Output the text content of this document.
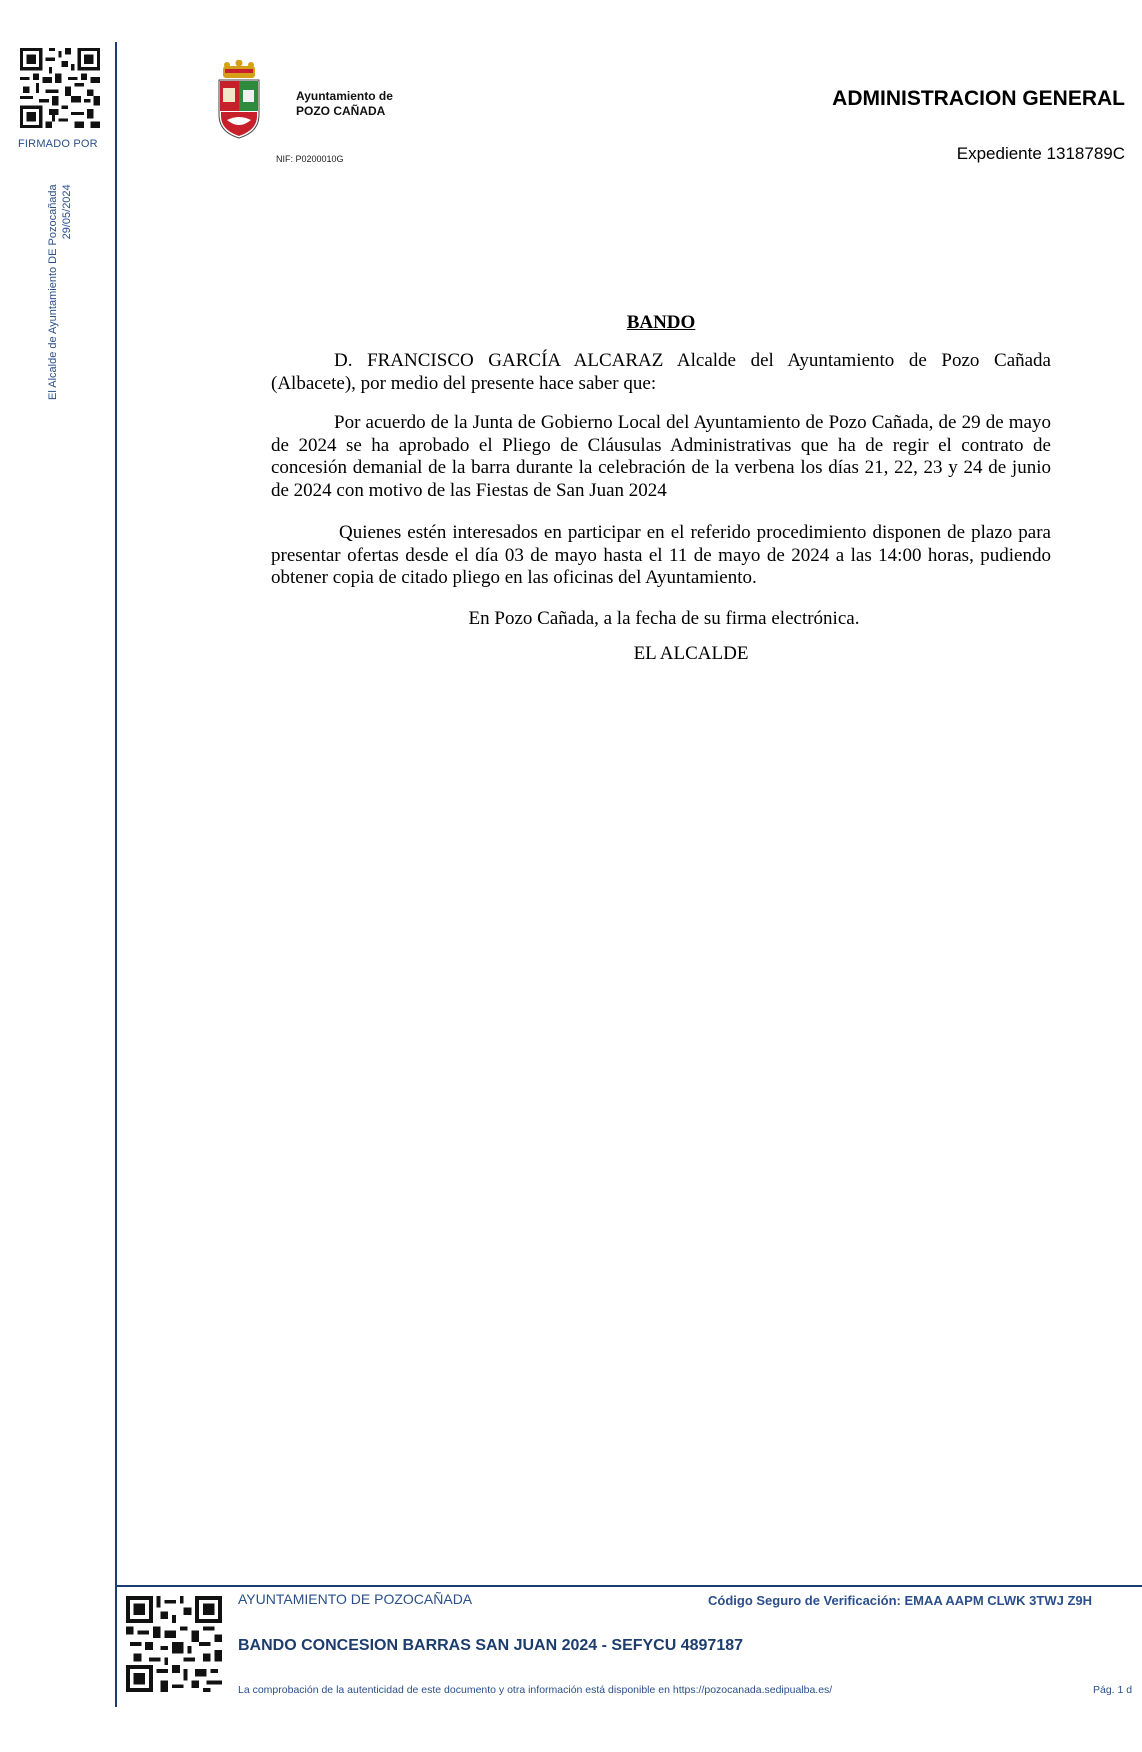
FIRMADO POR
El Alcalde de Ayuntamiento DE Pozocañada 29/05/2024
Ayuntamiento de
POZO CAÑADA
NIF: P0200010G
ADMINISTRACION GENERAL
Expediente 1318789C
BANDO
D. FRANCISCO GARCÍA ALCARAZ Alcalde del Ayuntamiento de Pozo Cañada (Albacete), por medio del presente hace saber que:
Por acuerdo de la Junta de Gobierno Local del Ayuntamiento de Pozo Cañada, de 29 de mayo de 2024 se ha aprobado el Pliego de Cláusulas Administrativas que ha de regir el contrato de concesión demanial de la barra durante la celebración de la verbena los días 21, 22, 23 y 24 de junio de 2024 con motivo de las Fiestas de San Juan 2024
Quienes estén interesados en participar en el referido procedimiento disponen de plazo para presentar ofertas desde el día 03 de mayo hasta el 11 de mayo de 2024 a las 14:00 horas, pudiendo obtener copia de citado pliego en las oficinas del Ayuntamiento.
En Pozo Cañada, a la fecha de su firma electrónica.
EL ALCALDE
AYUNTAMIENTO DE POZOCAÑADA	Código Seguro de Verificación: EMAA AAPM CLWK 3TWJ Z9H
BANDO CONCESION BARRAS SAN JUAN 2024 - SEFYCU 4897187
La comprobación de la autenticidad de este documento y otra información está disponible en https://pozocanada.sedipualba.es/	Pág. 1 d
